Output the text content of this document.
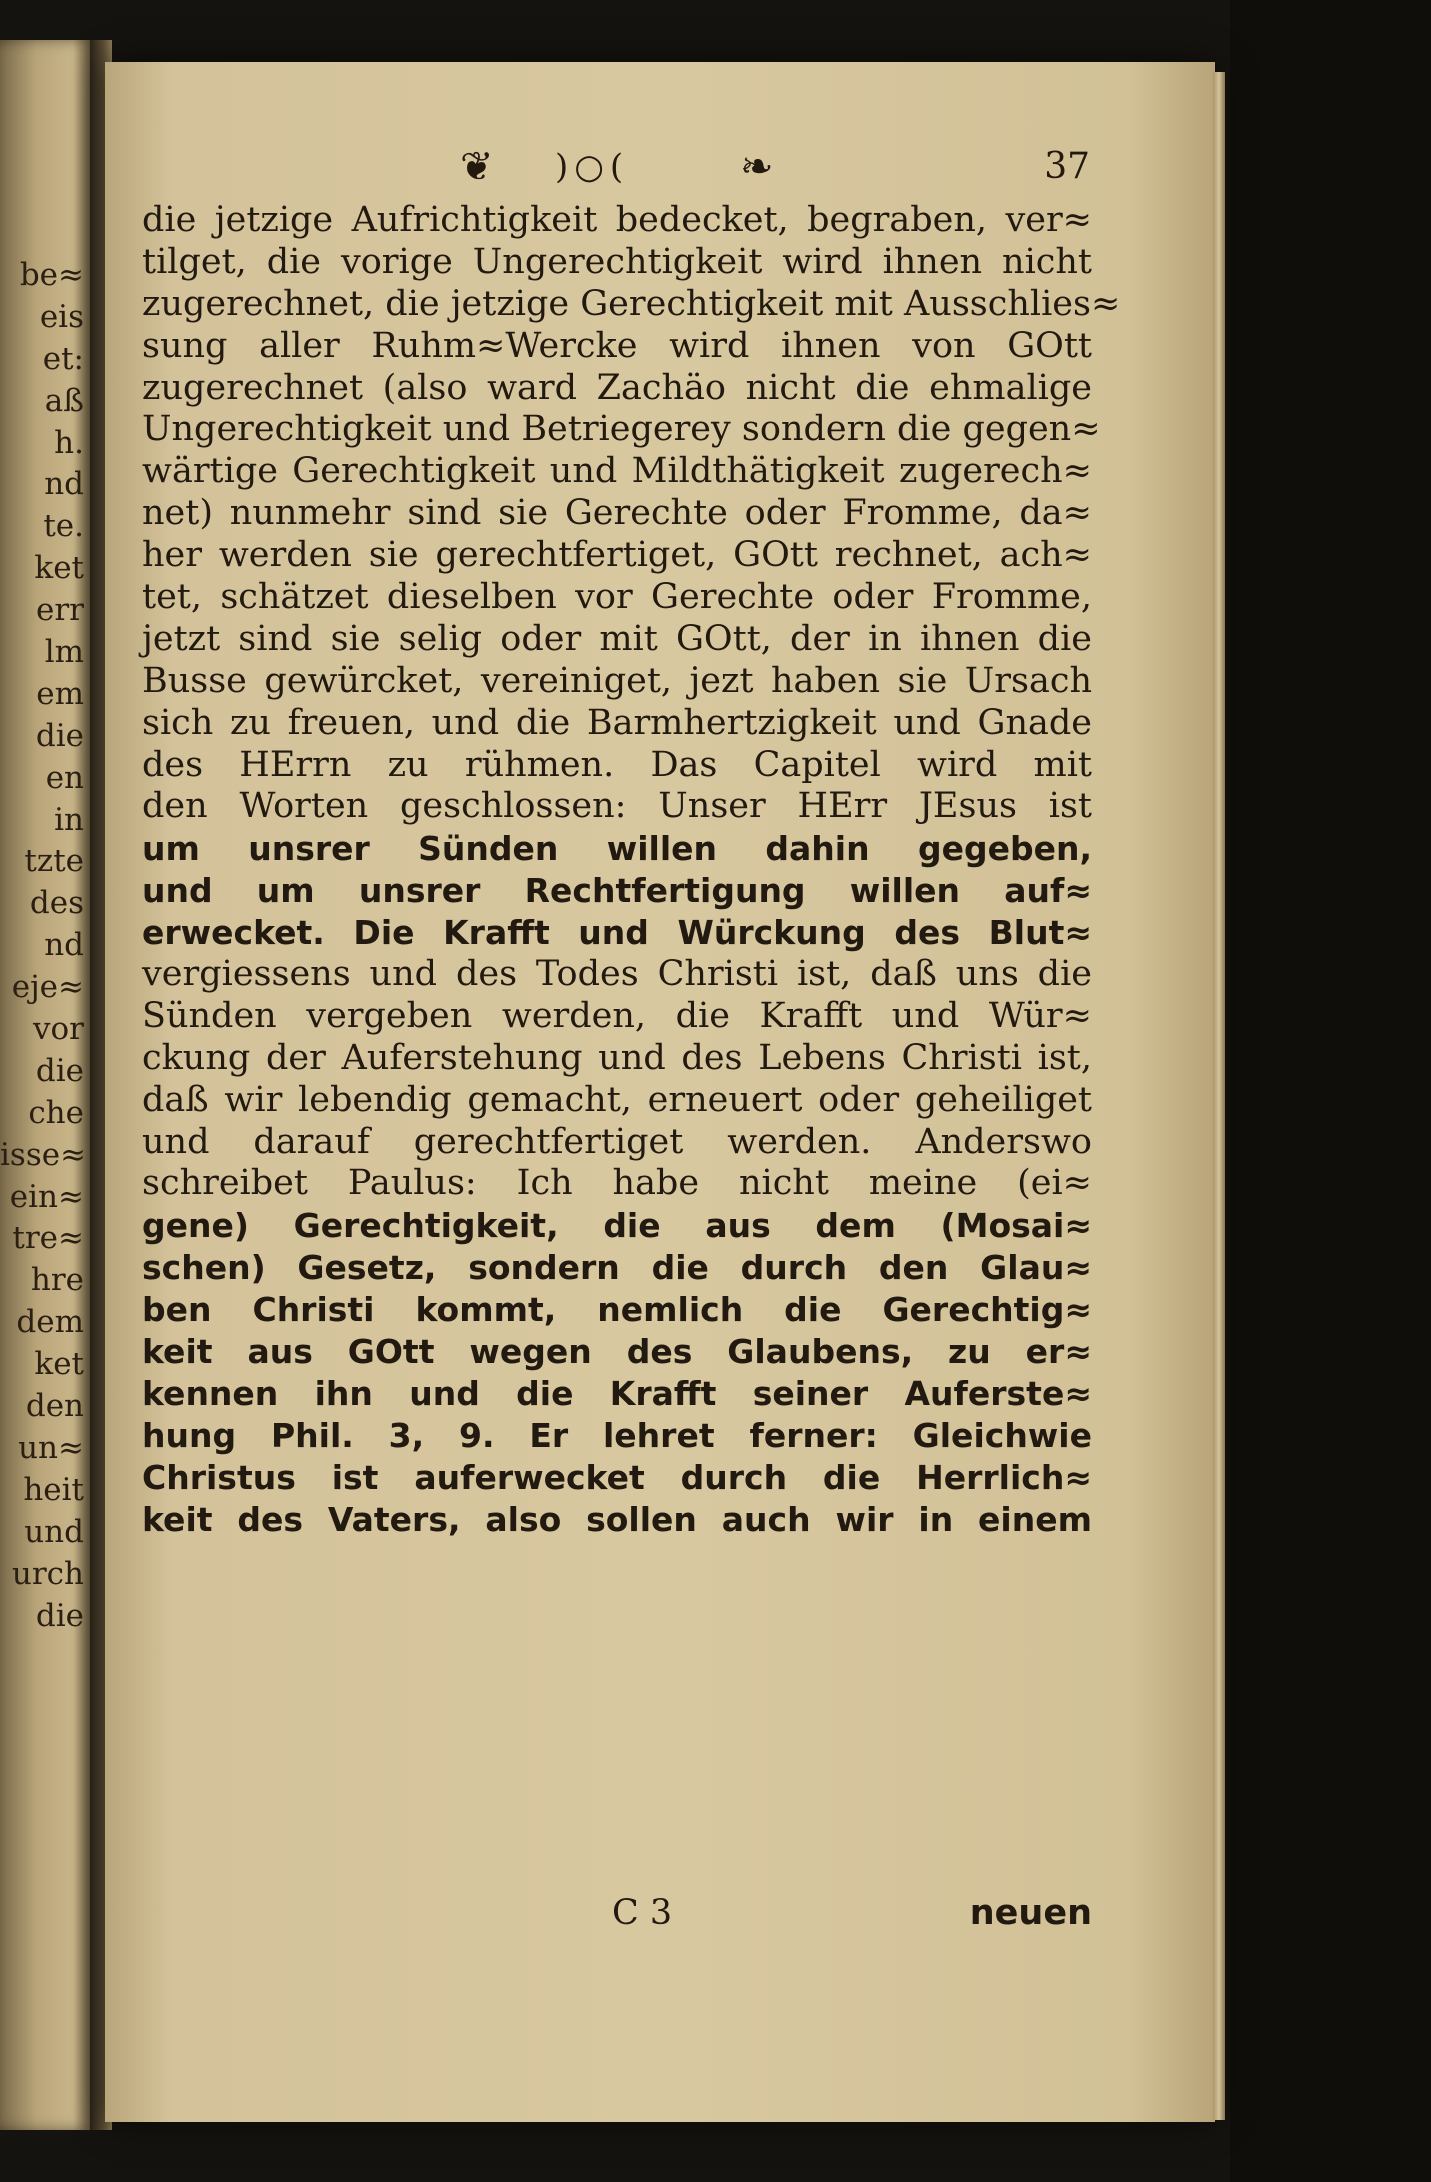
be≈
eis
et:
aß
h.
nd
te.
ket
err
lm
em
die
en
in
tzte
des
nd
eje≈
vor
die
che
isse≈
ein≈
tre≈
hre
dem
ket
den
un≈
heit
und
urch
die
❦ )○(	❧	37
die jetzige Aufrichtigkeit bedecket, begraben, ver≈
tilget, die vorige Ungerechtigkeit wird ihnen nicht
zugerechnet, die jetzige Gerechtigkeit mit Ausschlies≈
sung aller Ruhm≈Wercke wird ihnen von GOtt
zugerechnet (also ward Zachäo nicht die ehmalige
Ungerechtigkeit und Betriegerey sondern die gegen≈
wärtige Gerechtigkeit und Mildthätigkeit zugerech≈
net) nunmehr sind sie Gerechte oder Fromme, da≈
her werden sie gerechtfertiget, GOtt rechnet, ach≈
tet, schätzet dieselben vor Gerechte oder Fromme,
jetzt sind sie selig oder mit GOtt, der in ihnen die
Busse gewürcket, vereiniget, jezt haben sie Ursach
sich zu freuen, und die Barmhertzigkeit und Gnade
des HErrn zu rühmen. Das Capitel wird mit
den Worten geschlossen: Unser HErr JEsus ist
um unsrer Sünden willen dahin gegeben,
und um unsrer Rechtfertigung willen auf≈
erwecket. Die Krafft und Würckung des Blut≈
vergiessens und des Todes Christi ist, daß uns die
Sünden vergeben werden, die Krafft und Wür≈
ckung der Auferstehung und des Lebens Christi ist,
daß wir lebendig gemacht, erneuert oder geheiliget
und darauf gerechtfertiget werden. Anderswo
schreibet Paulus: Ich habe nicht meine (ei≈
gene) Gerechtigkeit, die aus dem (Mosai≈
schen) Gesetz, sondern die durch den Glau≈
ben Christi kommt, nemlich die Gerechtig≈
keit aus GOtt wegen des Glaubens, zu er≈
kennen ihn und die Krafft seiner Auferste≈
hung Phil. 3, 9. Er lehret ferner: Gleichwie
Christus ist auferwecket durch die Herrlich≈
keit des Vaters, also sollen auch wir in einem
C 3	neuen
